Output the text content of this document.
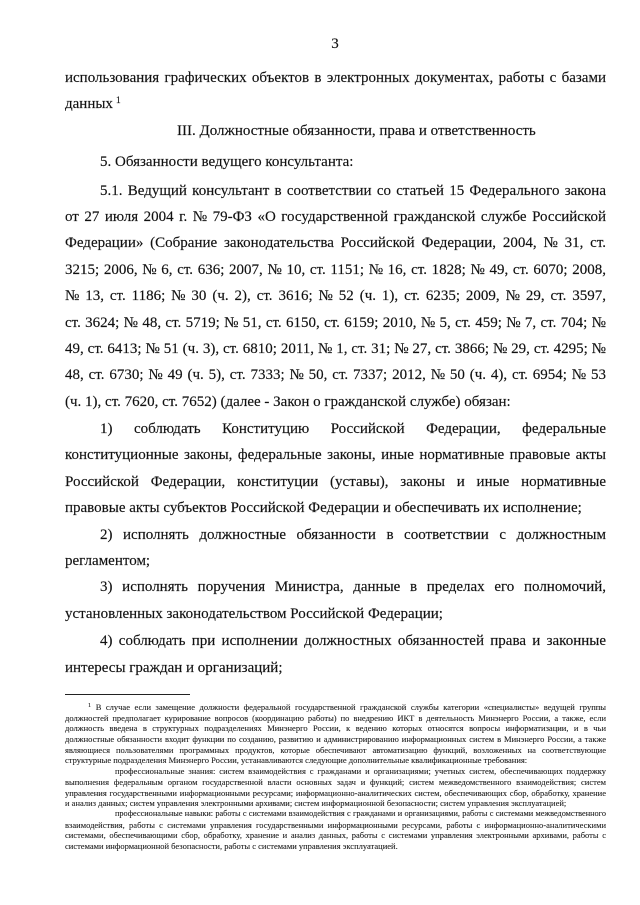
3
использования графических объектов в электронных документах, работы с базами
данных $^1$
III. Должностные обязанности, права и ответственность
5. Обязанности ведущего консультанта:
5.1. Ведущий консультант в соответствии со статьей 15 Федерального закона
от 27 июля 2004 г. № 79-ФЗ «О государственной гражданской службе Российской
Федерации» (Собрание законодательства Российской Федерации, 2004, № 31, ст.
3215; 2006, № 6, ст. 636; 2007, № 10, ст. 1151; № 16, ст. 1828; № 49, ст. 6070; 2008,
№ 13, ст. 1186; № 30 (ч. 2), ст. 3616; № 52 (ч. 1), ст. 6235; 2009, № 29, ст. 3597,
ст. 3624; № 48, ст. 5719; № 51, ст. 6150, ст. 6159; 2010, № 5, ст. 459; № 7, ст. 704; №
49, ст. 6413; № 51 (ч. 3), ст. 6810; 2011, № 1, ст. 31; № 27, ст. 3866; № 29, ст. 4295; №
48, ст. 6730; № 49 (ч. 5), ст. 7333; № 50, ст. 7337; 2012, № 50 (ч. 4), ст. 6954; № 53
(ч. 1), ст. 7620, ст. 7652) (далее - Закон о гражданской службе) обязан:
1) соблюдать Конституцию Российской Федерации, федеральные
конституционные законы, федеральные законы, иные нормативные правовые акты
Российской Федерации, конституции (уставы), законы и иные нормативные
правовые акты субъектов Российской Федерации и обеспечивать их исполнение;
2) исполнять должностные обязанности в соответствии с должностным
регламентом;
3) исполнять поручения Министра, данные в пределах его полномочий,
установленных законодательством Российской Федерации;
4) соблюдать при исполнении должностных обязанностей права и законные
интересы граждан и организаций;
$^1$ В случае если замещение должности федеральной государственной гражданской службы категории «специалисты» ведущей группы
должностей предполагает курирование вопросов (координацию работы) по внедрению ИКТ в деятельность Минэнерго России, а также, если
должность введена в структурных подразделениях Минэнерго России, к ведению которых относятся вопросы информатизации, и в чьи
должностные обязанности входит функции по созданию, развитию и администрированию информационных систем в Минэнерго России, а также
являющиеся пользователями программных продуктов, которые обеспечивают автоматизацию функций, возложенных на соответствующие
структурные подразделения Минэнерго России, устанавливаются следующие дополнительные квалификационные требования:
профессиональные знания: систем взаимодействия с гражданами и организациями; учетных систем, обеспечивающих поддержку
выполнения федеральным органом государственной власти основных задач и функций; систем межведомственного взаимодействия; систем
управления государственными информационными ресурсами; информационно-аналитических систем, обеспечивающих сбор, обработку, хранение
и анализ данных; систем управления электронными архивами; систем информационной безопасности; систем управления эксплуатацией;
профессиональные навыки: работы с системами взаимодействия с гражданами и организациями, работы с системами межведомственного
взаимодействия, работы с системами управления государственными информационными ресурсами, работы с информационно-аналитическими
системами, обеспечивающими сбор, обработку, хранение и анализ данных, работы с системами управления электронными архивами, работы с
системами информационной безопасности, работы с системами управления эксплуатацией.
